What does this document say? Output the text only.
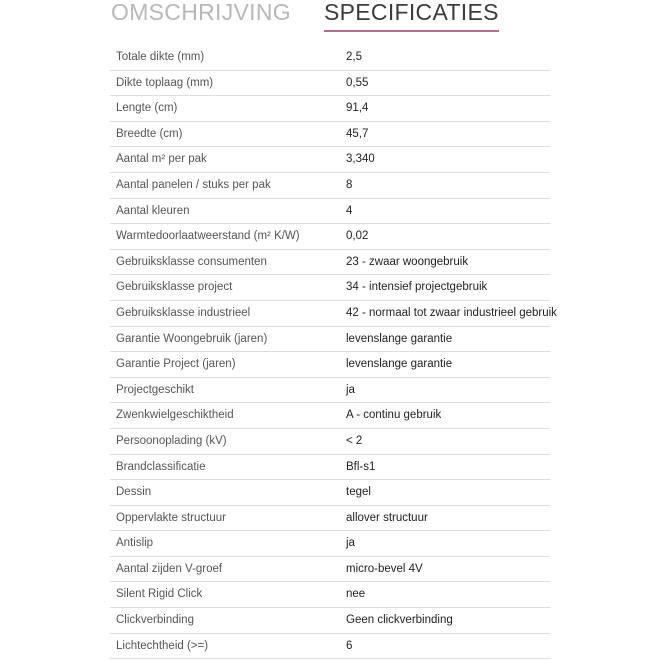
OMSCHRIJVING SPECIFICATIES
Totale dikte (mm)	2,5
Dikte toplaag (mm)	0,55
Lengte (cm)	91,4
Breedte (cm)	45,7
Aantal m² per pak	3,340
Aantal panelen / stuks per pak	8
Aantal kleuren	4
Warmtedoorlaatweerstand (m² K/W)	0,02
Gebruiksklasse consumenten	23 - zwaar woongebruik
Gebruiksklasse project	34 - intensief projectgebruik
Gebruiksklasse industrieel	42 - normaal tot zwaar industrieel gebruik
Garantie Woongebruik (jaren)	levenslange garantie
Garantie Project (jaren)	levenslange garantie
Projectgeschikt	ja
Zwenkwielgeschiktheid	A - continu gebruik
Persoonoplading (kV)	< 2
Brandclassificatie	Bfl-s1
Dessin	tegel
Oppervlakte structuur	allover structuur
Antislip	ja
Aantal zijden V-groef	micro-bevel 4V
Silent Rigid Click	nee
Clickverbinding	Geen clickverbinding
Lichtechtheid (>=)	6
